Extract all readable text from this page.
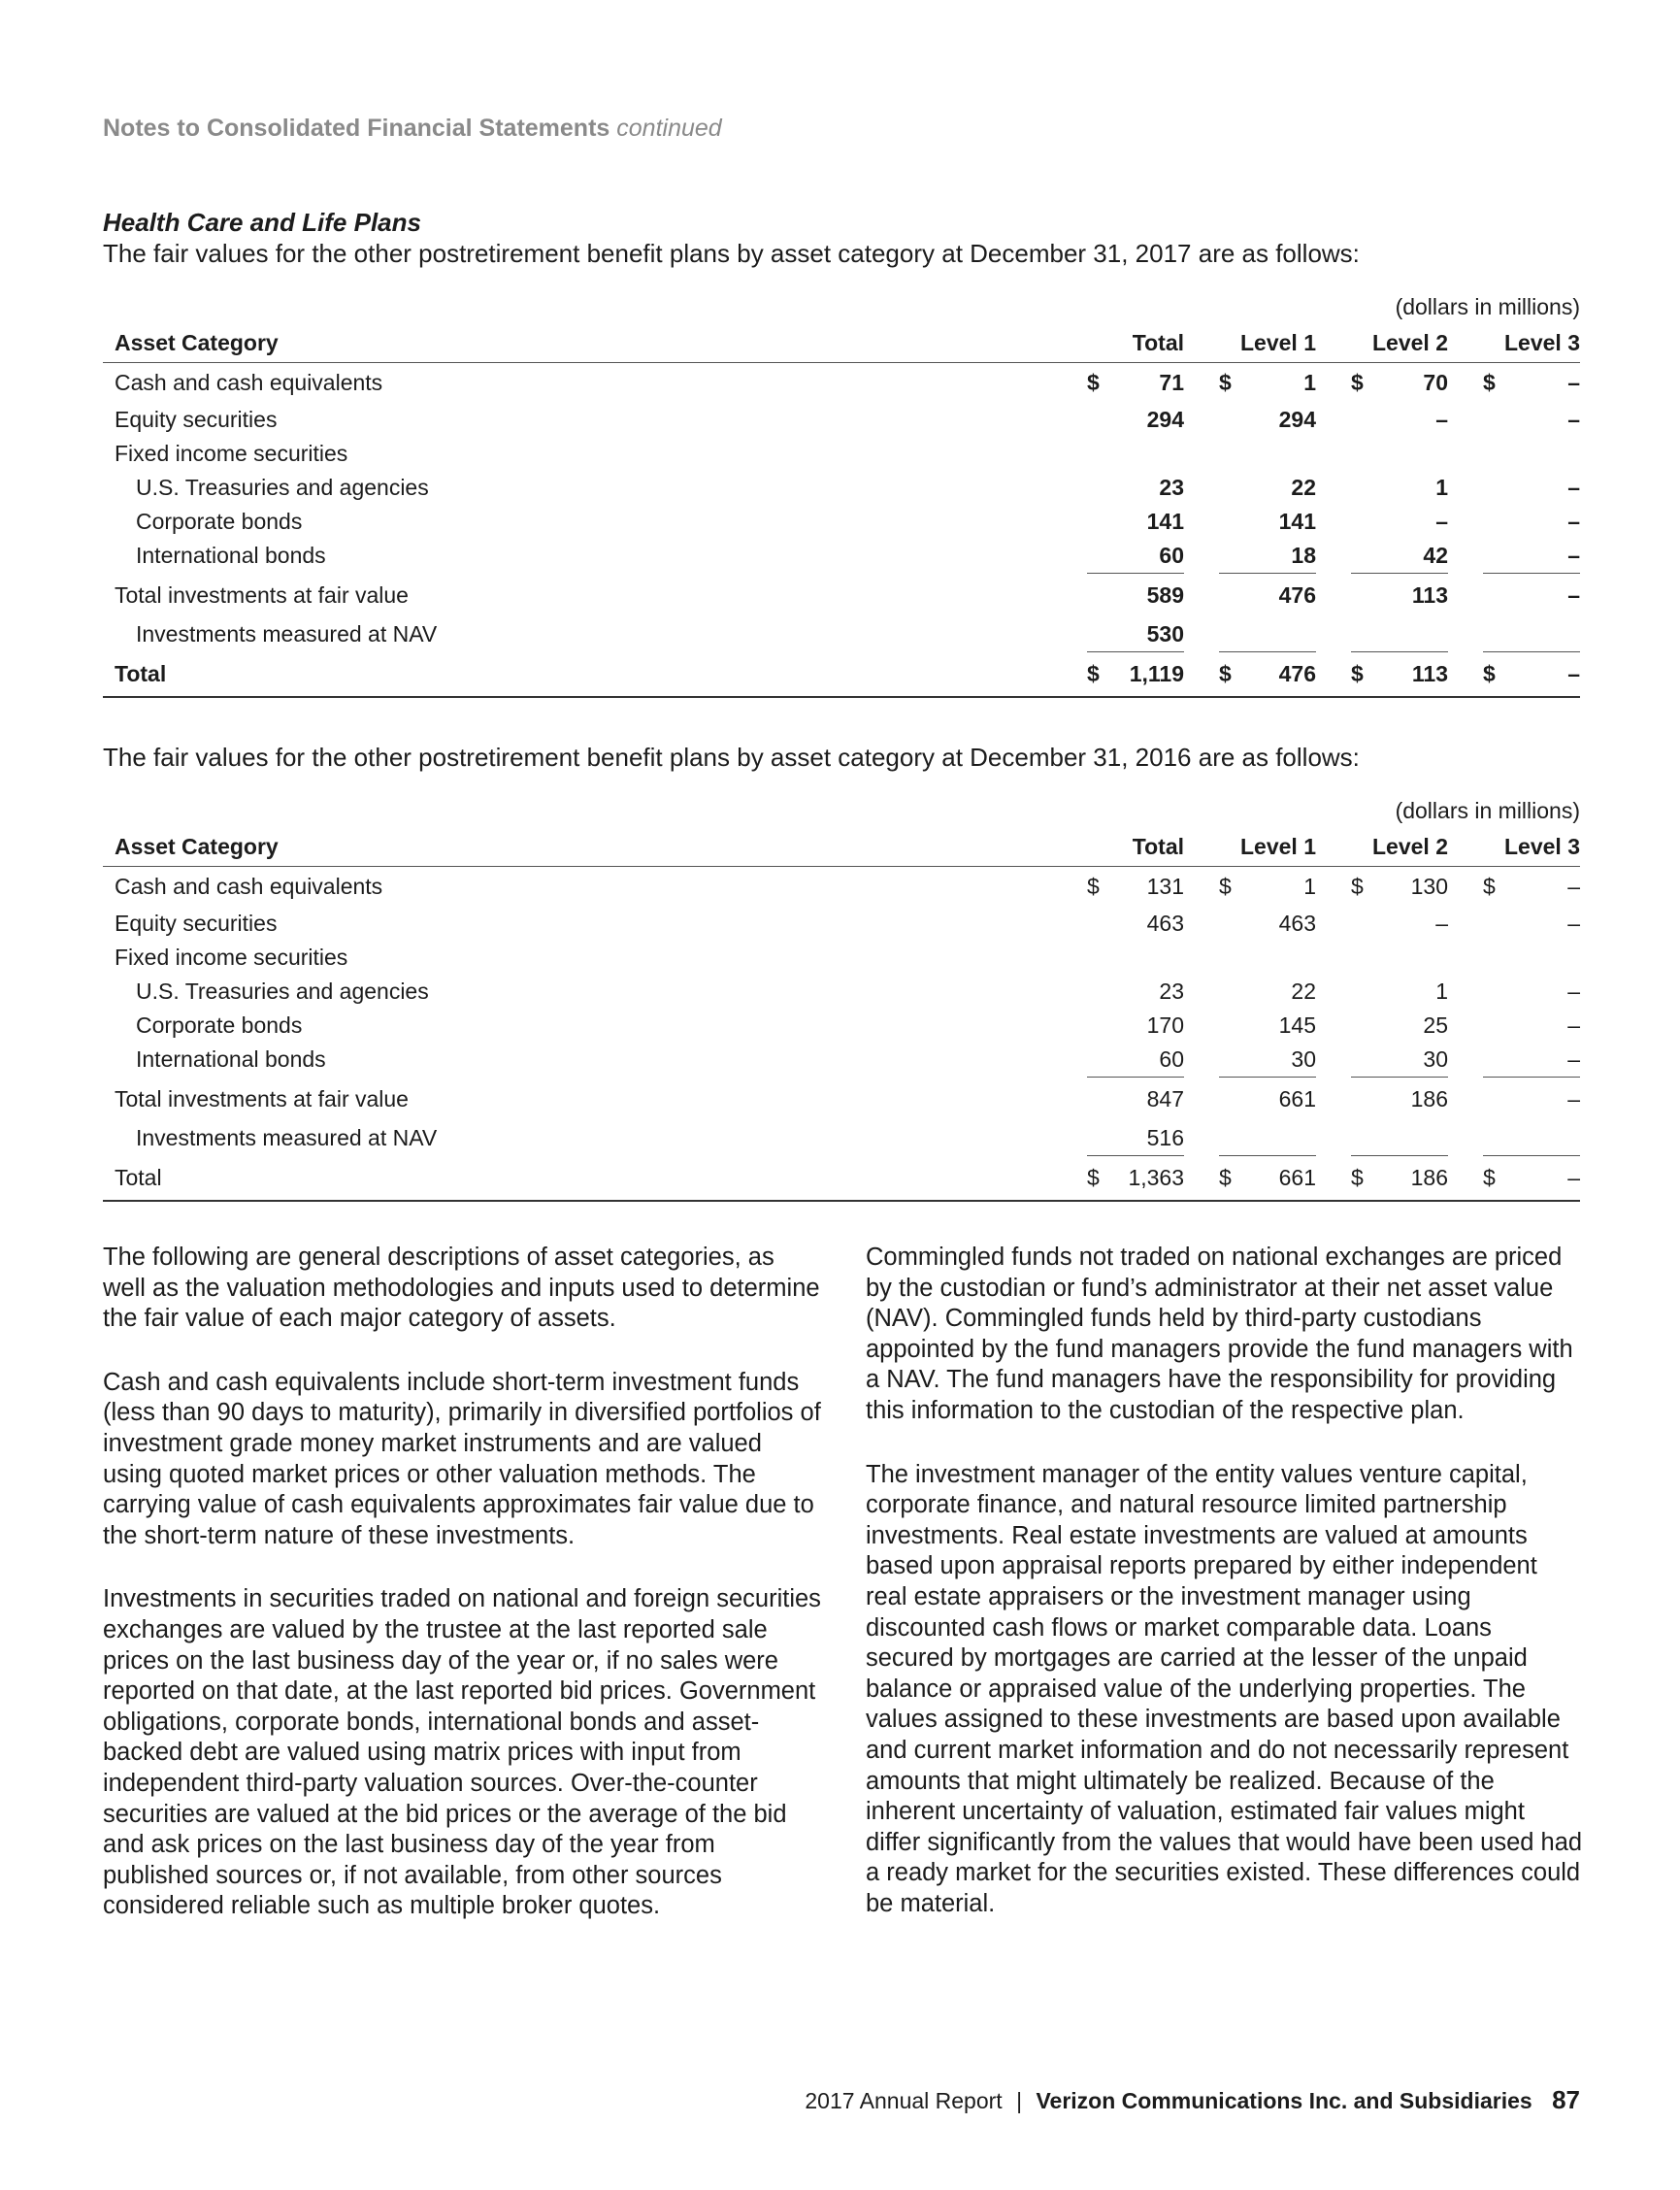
Notes to Consolidated Financial Statements continued
Health Care and Life Plans
The fair values for the other postretirement benefit plans by asset category at December 31, 2017 are as follows:
(dollars in millions)
Asset Category	Total		Level 1		Level 2		Level 3
Cash and cash equivalents	$ 71		$ 1		$ 70		$ –
Equity securities	294		294		–		–
Fixed income securities							
U.S. Treasuries and agencies	23		22		1		–
Corporate bonds	141		141		–		–
International bonds	60		18		42		–
Total investments at fair value	589		476		113		–
Investments measured at NAV	530						
Total	$ 1,119		$ 476		$ 113		$ –
The fair values for the other postretirement benefit plans by asset category at December 31, 2016 are as follows:
(dollars in millions)
Asset Category	Total		Level 1		Level 2		Level 3
Cash and cash equivalents	$ 131		$ 1		$ 130		$ –
Equity securities	463		463		–		–
Fixed income securities							
U.S. Treasuries and agencies	23		22		1		–
Corporate bonds	170		145		25		–
International bonds	60		30		30		–
Total investments at fair value	847		661		186		–
Investments measured at NAV	516						
Total	$ 1,363		$ 661		$ 186		$ –

The following are general descriptions of asset categories, as well as the valuation methodologies and inputs used to determine the fair value of each major category of assets.

Cash and cash equivalents include short-term investment funds (less than 90 days to maturity), primarily in diversified portfolios of investment grade money market instruments and are valued using quoted market prices or other valuation methods. The carrying value of cash equivalents approximates fair value due to the short-term nature of these investments.

Investments in securities traded on national and foreign securities exchanges are valued by the trustee at the last reported sale prices on the last business day of the year or, if no sales were reported on that date, at the last reported bid prices. Government obligations, corporate bonds, international bonds and asset-backed debt are valued using matrix prices with input from independent third-party valuation sources. Over-the-counter securities are valued at the bid prices or the average of the bid and ask prices on the last business day of the year from published sources or, if not available, from other sources considered reliable such as multiple broker quotes.

Commingled funds not traded on national exchanges are priced by the custodian or fund’s administrator at their net asset value (NAV). Commingled funds held by third-party custodians appointed by the fund managers provide the fund managers with a NAV. The fund managers have the responsibility for providing this information to the custodian of the respective plan.

The investment manager of the entity values venture capital, corporate finance, and natural resource limited partnership investments. Real estate investments are valued at amounts based upon appraisal reports prepared by either independent real estate appraisers or the investment manager using discounted cash flows or market comparable data. Loans secured by mortgages are carried at the lesser of the unpaid balance or appraised value of the underlying properties. The values assigned to these investments are based upon available and current market information and do not necessarily represent amounts that might ultimately be realized. Because of the inherent uncertainty of valuation, estimated fair values might differ significantly from the values that would have been used had a ready market for the securities existed. These differences could be material.

2017 Annual Report | Verizon Communications Inc. and Subsidiaries 87
